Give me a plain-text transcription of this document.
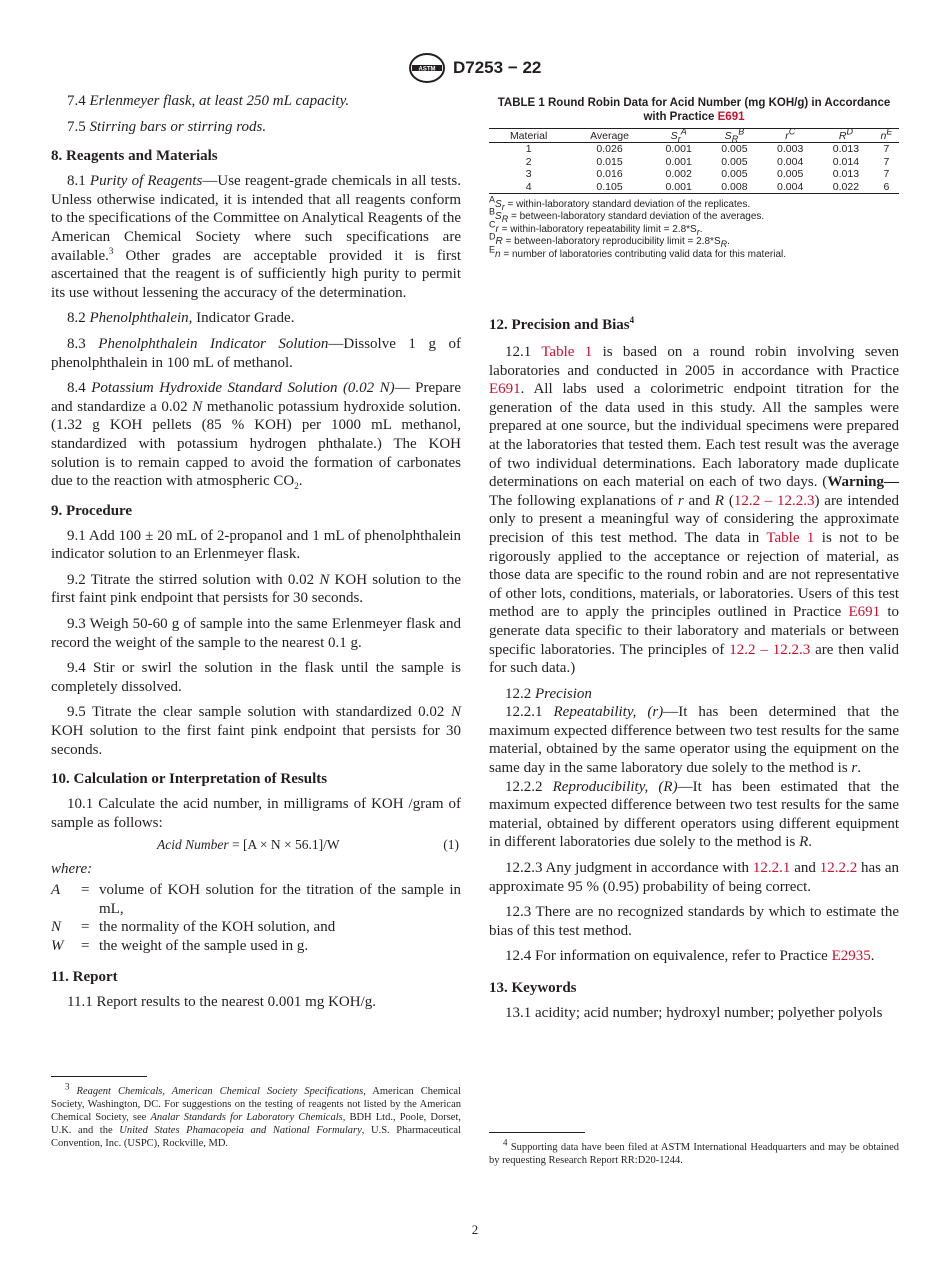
ASTM D7253 − 22

7.4 Erlenmeyer flask, at least 250 mL capacity.

7.5 Stirring bars or stirring rods.

8. Reagents and Materials

8.1 Purity of Reagents—Use reagent-grade chemicals in all tests. Unless otherwise indicated, it is intended that all reagents conform to the specifications of the Committee on Analytical Reagents of the American Chemical Society where such specifications are available.$^3$ Other grades are acceptable provided it is first ascertained that the reagent is of sufficiently high purity to permit its use without lessening the accuracy of the determination.

8.2 Phenolphthalein, Indicator Grade.

8.3 Phenolphthalein Indicator Solution—Dissolve 1 g of phenolphthalein in 100 mL of methanol.

8.4 Potassium Hydroxide Standard Solution (0.02 N)— Prepare and standardize a 0.02 N methanolic potassium hydroxide solution. (1.32 g KOH pellets (85 % KOH) per 1000 mL methanol, standardized with potassium hydrogen phthalate.) The KOH solution is to remain capped to avoid the formation of carbonates due to the reaction with atmospheric $CO_2$.

9. Procedure

9.1 Add 100 ± 20 mL of 2-propanol and 1 mL of phenolphthalein indicator solution to an Erlenmeyer flask.

9.2 Titrate the stirred solution with 0.02 N KOH solution to the first faint pink endpoint that persists for 30 seconds.

9.3 Weigh 50-60 g of sample into the same Erlenmeyer flask and record the weight of the sample to the nearest 0.1 g.

9.4 Stir or swirl the solution in the flask until the sample is completely dissolved.

9.5 Titrate the clear sample solution with standardized 0.02 N KOH solution to the first faint pink endpoint that persists for 30 seconds.

10. Calculation or Interpretation of Results

10.1 Calculate the acid number, in milligrams of KOH /gram of sample as follows:

Acid Number = [A × N × 56.1]/W	(1)
where:
A = volume of KOH solution for the titration of the sample in mL,
N = the normality of the KOH solution, and
W = the weight of the sample used in g.
11. Report

11.1 Report results to the nearest 0.001 mg KOH/g.

$^3$ Reagent Chemicals, American Chemical Society Specifications, American Chemical Society, Washington, DC. For suggestions on the testing of reagents not listed by the American Chemical Society, see Analar Standards for Laboratory Chemicals, BDH Ltd., Poole, Dorset, U.K. and the United States Phamacopeia and National Formulary, U.S. Pharmaceutical Convention, Inc. (USPC), Rockville, MD.

TABLE 1 Round Robin Data for Acid Number (mg KOH/g) in Accordance with Practice E691
Material	Average	$S_r^A$	$S_R^B$	$r^C$	$R^D$	$n^E$
1	0.026	0.001	0.005	0.003	0.013	7
2	0.015	0.001	0.005	0.004	0.014	7
3	0.016	0.002	0.005	0.005	0.013	7
4	0.105	0.001	0.008	0.004	0.022	6
$^AS_r$ = within-laboratory standard deviation of the replicates.
$^BS_R$ = between-laboratory standard deviation of the averages.
$^C$r = within-laboratory repeatability limit = $2.8*S_r$.
$^D$R = between-laboratory reproducibility limit = $2.8*S_R$.
$^E$n = number of laboratories contributing valid data for this material.
12. Precision and Bias$^4$

12.1 Table 1 is based on a round robin involving seven laboratories and conducted in 2005 in accordance with Practice E691. All labs used a colorimetric endpoint titration for the generation of the data used in this study. All the samples were prepared at one source, but the individual specimens were prepared at the laboratories that tested them. Each test result was the average of two individual determinations. Each laboratory made duplicate determinations on each material on each of two days. (Warning—The following explanations of r and R (12.2 – 12.2.3) are intended only to present a meaningful way of considering the approximate precision of this test method. The data in Table 1 is not to be rigorously applied to the acceptance or rejection of material, as those data are specific to the round robin and are not representative of other lots, conditions, materials, or laboratories. Users of this test method are to apply the principles outlined in Practice E691 to generate data specific to their laboratory and materials or between specific laboratories. The principles of 12.2 – 12.2.3 are then valid for such data.)

12.2 Precision

12.2.1 Repeatability, (r)—It has been determined that the maximum expected difference between two test results for the same material, obtained by the same operator using the equipment on the same day in the same laboratory due solely to the method is r.

12.2.2 Reproducibility, (R)—It has been estimated that the maximum expected difference between two test results for the same material, obtained by different operators using different equipment in different laboratories due solely to the method is R.

12.2.3 Any judgment in accordance with 12.2.1 and 12.2.2 has an approximate 95 % (0.95) probability of being correct.

12.3 There are no recognized standards by which to estimate the bias of this test method.

12.4 For information on equivalence, refer to Practice E2935.

13. Keywords

13.1 acidity; acid number; hydroxyl number; polyether polyols

$^4$ Supporting data have been filed at ASTM International Headquarters and may be obtained by requesting Research Report RR:D20-1244.

2
